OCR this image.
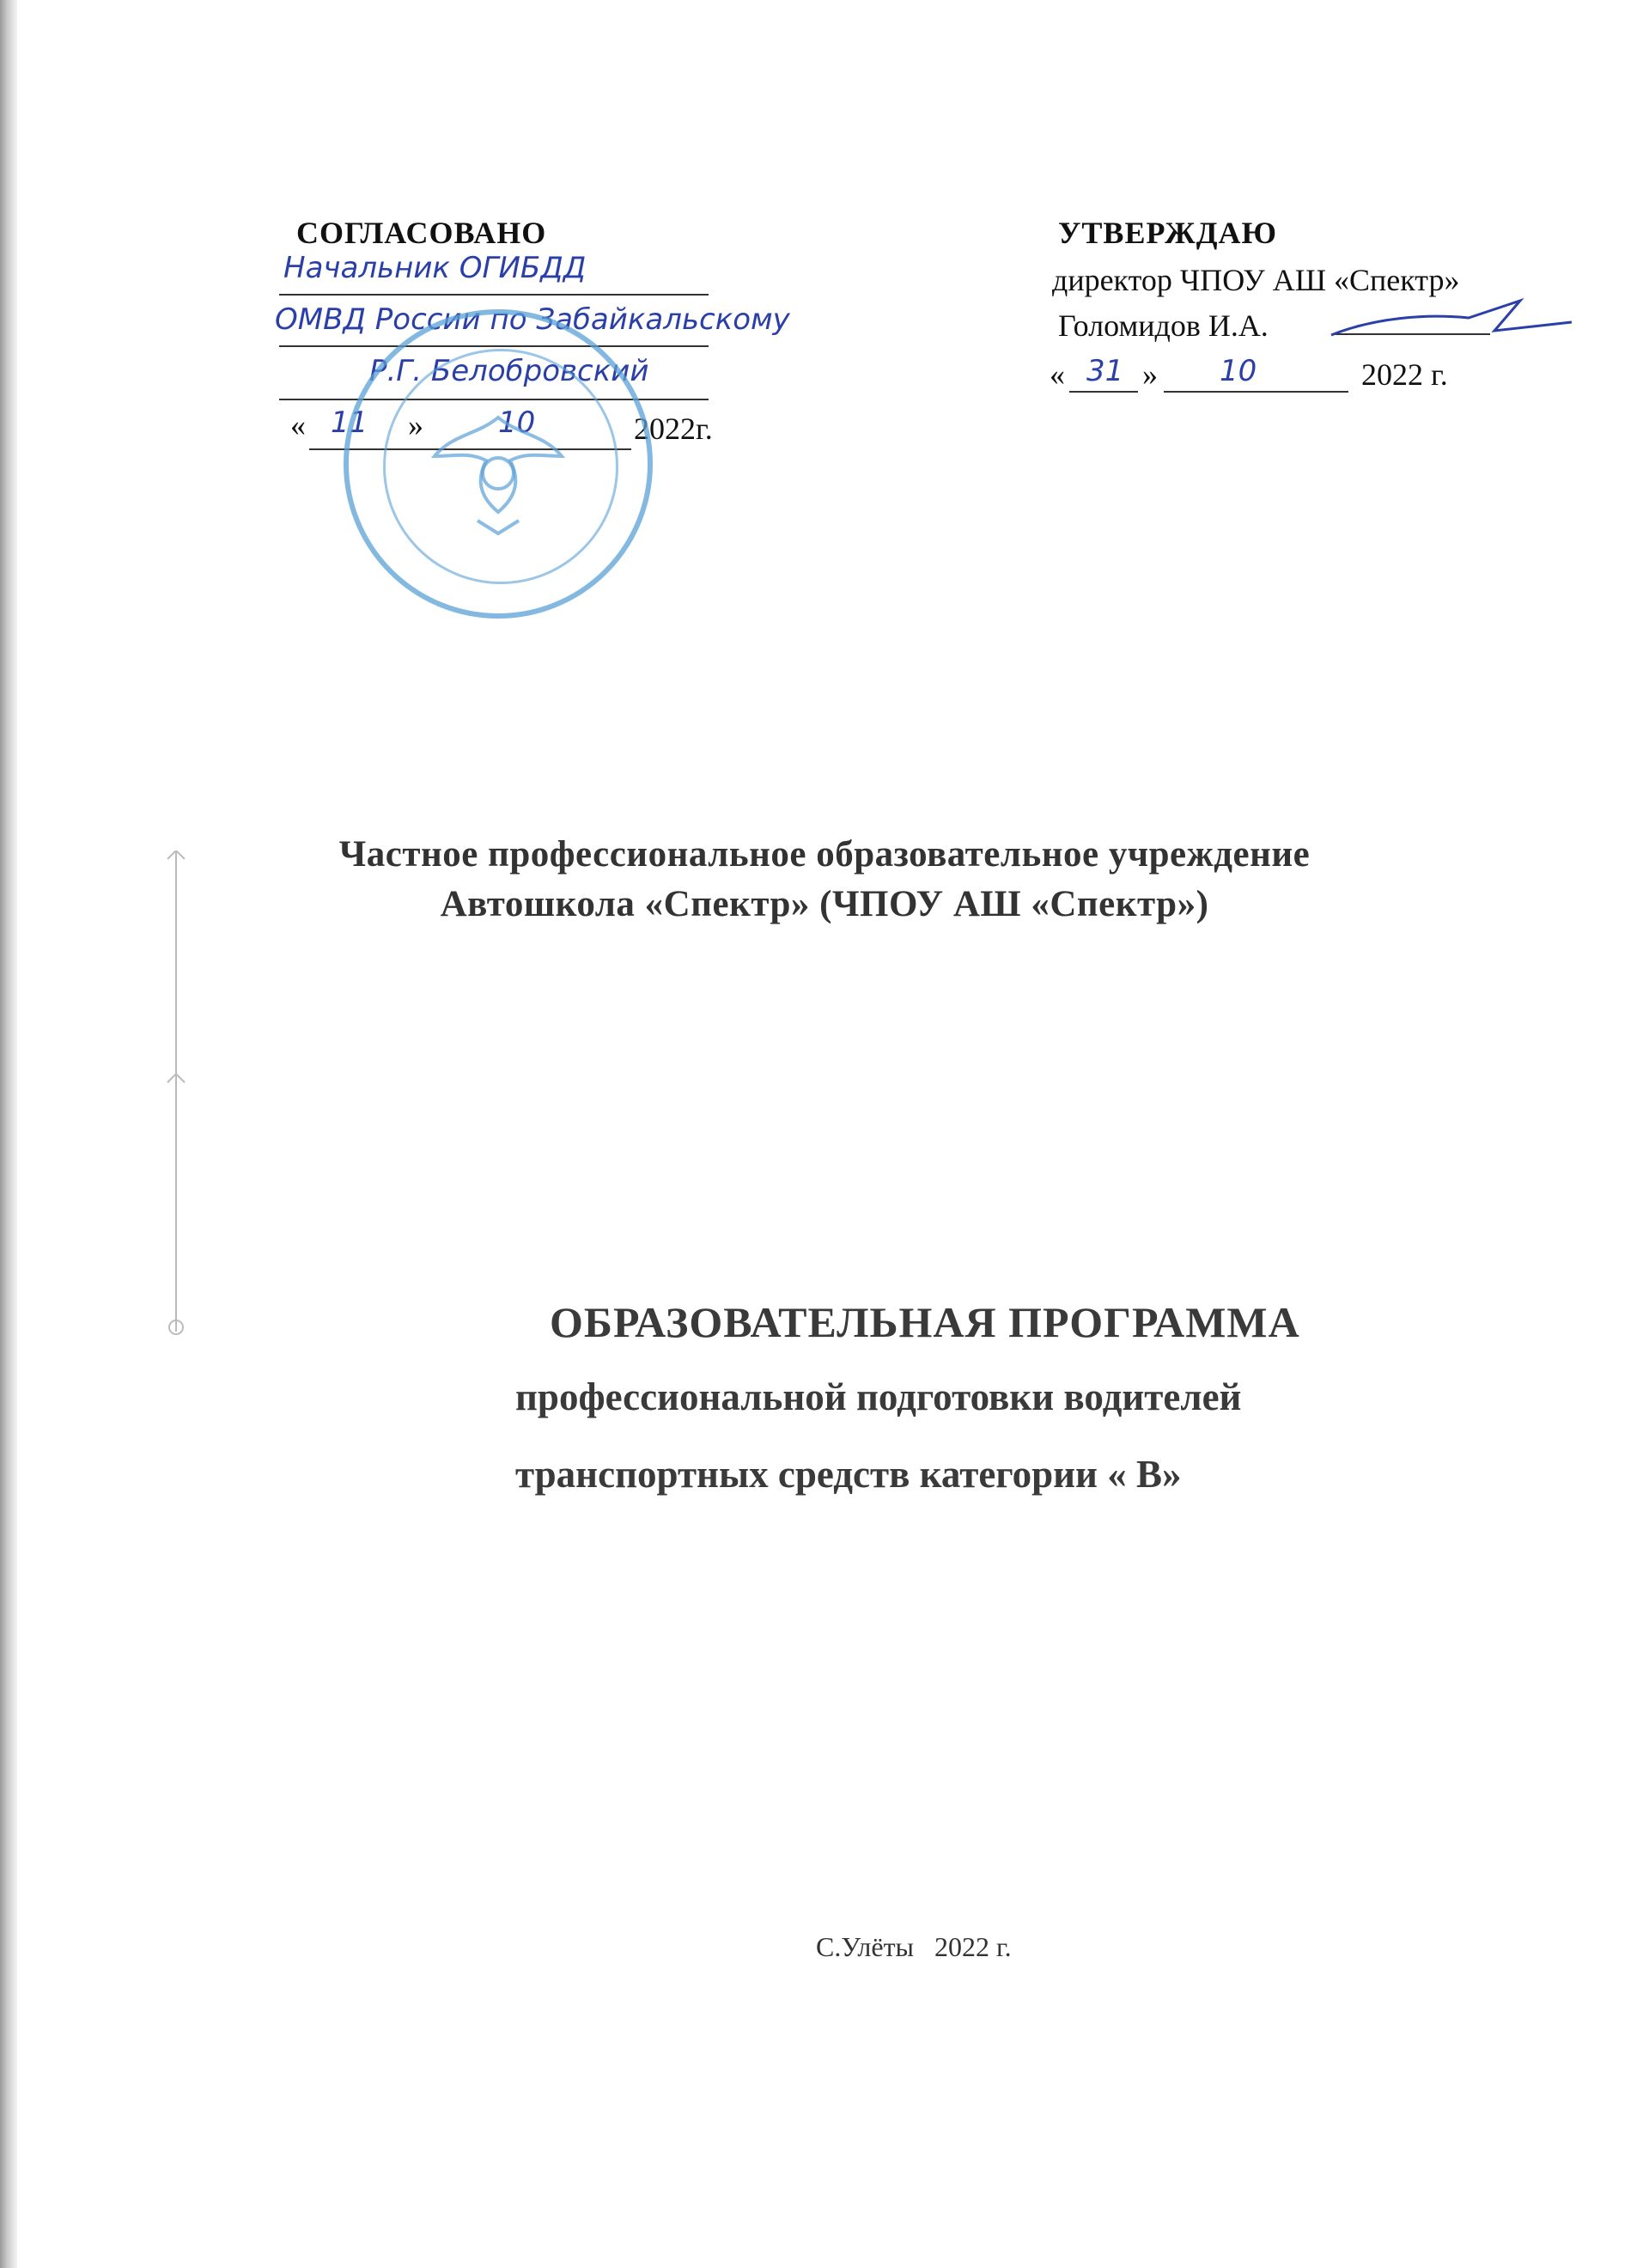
СОГЛАСОВАНО
Начальник ОГИБДД
ОМВД России по Забайкальскому
Р.Г. Белобровский
« 11 »	10	2022г.
УТВЕРЖДАЮ
директор ЧПОУ АШ «Спектр»
Голомидов И.А.
« 31 » 10	2022 г.
Частное профессиональное образовательное учреждение
Автошкола «Спектр» (ЧПОУ АШ «Спектр»)
ОБРАЗОВАТЕЛЬНАЯ ПРОГРАММА
профессиональной подготовки водителей
транспортных средств категории « В»
С.Улёты   2022 г.
